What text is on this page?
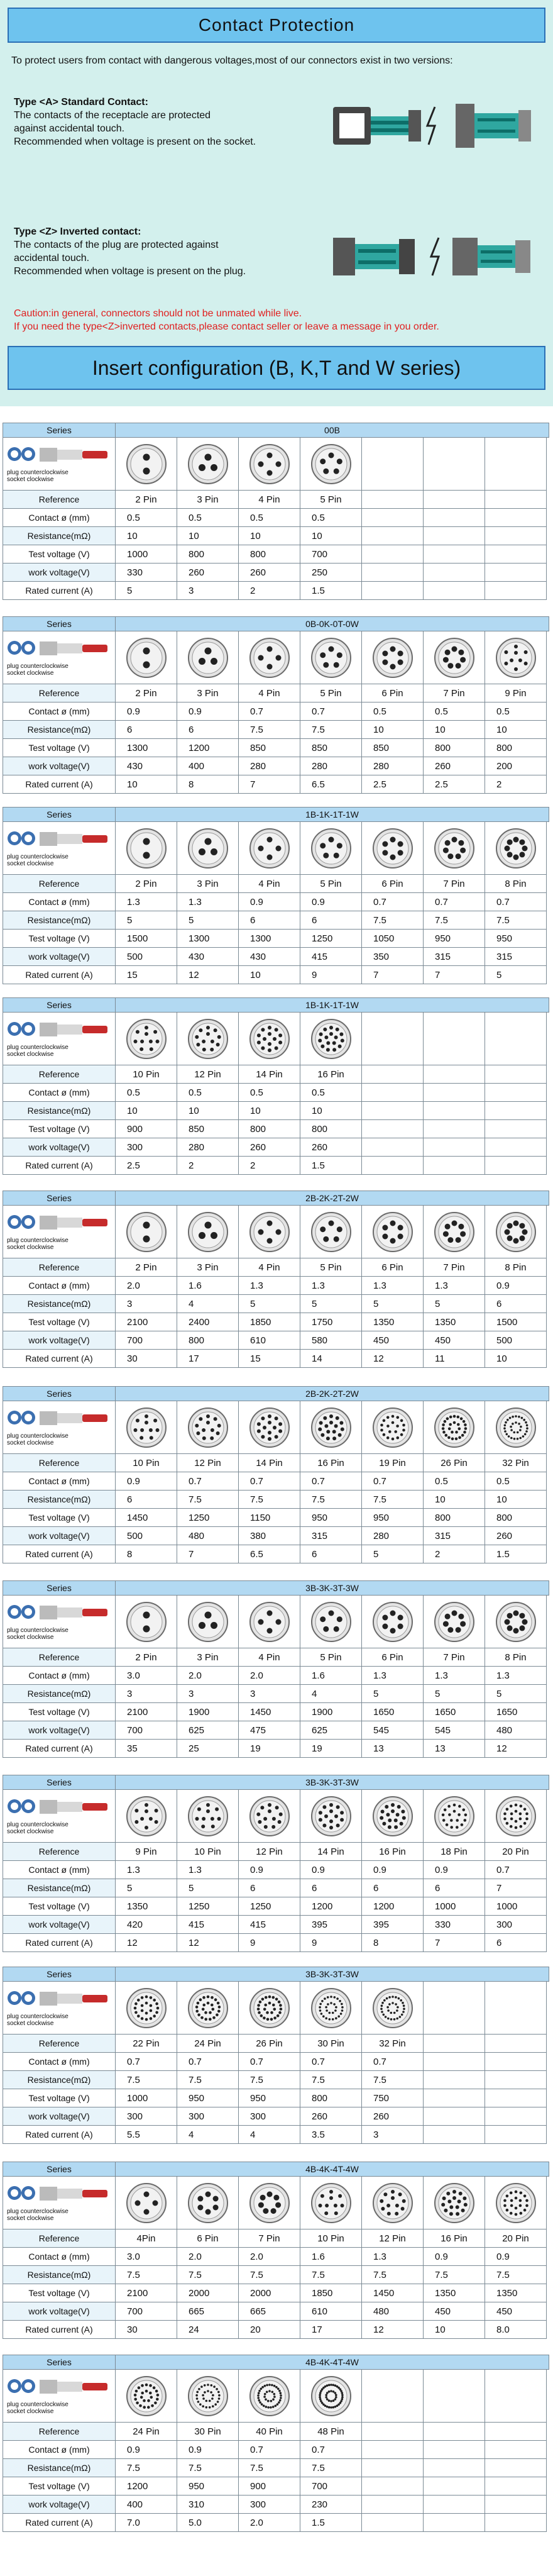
Contact Protection
To protect users from contact with dangerous voltages,most of our connectors exist in two versions:
Type <A> Standard Contact:
The contacts of the receptacle are protected
against accidental touch.
Recommended when voltage is present on the socket.
Type <Z> Inverted contact:
The contacts of the plug are protected against
accidental touch.
Recommended when voltage is present on the plug.
Caution:in general, connectors should not be unmated while live.
If you need the type<Z>inverted contacts,please contact seller or leave a message in you order.
Insert configuration (B, K,T and W series)
Series	00B
plug counterclockwise
socket clockwise
Reference	2 Pin	3 Pin	4 Pin	5 Pin
Contact ø (mm)	0.5	0.5	0.5	0.5
Resistance(mΩ)	10	10	10	10
Test voltage (V)	1000	800	800	700
work voltage(V)	330	260	260	250
Rated current (A)	5	3	2	1.5
Series	0B-0K-0T-0W
plug counterclockwise
socket clockwise
Reference	2 Pin	3 Pin	4 Pin	5 Pin	6 Pin	7 Pin	9 Pin
Contact ø (mm)	0.9	0.9	0.7	0.7	0.5	0.5	0.5
Resistance(mΩ)	6	6	7.5	7.5	10	10	10
Test voltage (V)	1300	1200	850	850	850	800	800
work voltage(V)	430	400	280	280	280	260	200
Rated current (A)	10	8	7	6.5	2.5	2.5	2
Series	1B-1K-1T-1W
plug counterclockwise
socket clockwise
Reference	2 Pin	3 Pin	4 Pin	5 Pin	6 Pin	7 Pin	8 Pin
Contact ø (mm)	1.3	1.3	0.9	0.9	0.7	0.7	0.7
Resistance(mΩ)	5	5	6	6	7.5	7.5	7.5
Test voltage (V)	1500	1300	1300	1250	1050	950	950
work voltage(V)	500	430	430	415	350	315	315
Rated current (A)	15	12	10	9	7	7	5
Series	1B-1K-1T-1W
plug counterclockwise
socket clockwise
Reference	10 Pin	12 Pin	14 Pin	16 Pin
Contact ø (mm)	0.5	0.5	0.5	0.5
Resistance(mΩ)	10	10	10	10
Test voltage (V)	900	850	800	800
work voltage(V)	300	280	260	260
Rated current (A)	2.5	2	2	1.5
Series	2B-2K-2T-2W
plug counterclockwise
socket clockwise
Reference	2 Pin	3 Pin	4 Pin	5 Pin	6 Pin	7 Pin	8 Pin
Contact ø (mm)	2.0	1.6	1.3	1.3	1.3	1.3	0.9
Resistance(mΩ)	3	4	5	5	5	5	6
Test voltage (V)	2100	2400	1850	1750	1350	1350	1500
work voltage(V)	700	800	610	580	450	450	500
Rated current (A)	30	17	15	14	12	11	10
Series	2B-2K-2T-2W
plug counterclockwise
socket clockwise
Reference	10 Pin	12 Pin	14 Pin	16 Pin	19 Pin	26 Pin	32 Pin
Contact ø (mm)	0.9	0.7	0.7	0.7	0.7	0.5	0.5
Resistance(mΩ)	6	7.5	7.5	7.5	7.5	10	10
Test voltage (V)	1450	1250	1150	950	950	800	800
work voltage(V)	500	480	380	315	280	315	260
Rated current (A)	8	7	6.5	6	5	2	1.5
Series	3B-3K-3T-3W
plug counterclockwise
socket clockwise
Reference	2 Pin	3 Pin	4 Pin	5 Pin	6 Pin	7 Pin	8 Pin
Contact ø (mm)	3.0	2.0	2.0	1.6	1.3	1.3	1.3
Resistance(mΩ)	3	3	3	4	5	5	5
Test voltage (V)	2100	1900	1450	1900	1650	1650	1650
work voltage(V)	700	625	475	625	545	545	480
Rated current (A)	35	25	19	19	13	13	12
Series	3B-3K-3T-3W
plug counterclockwise
socket clockwise
Reference	9 Pin	10 Pin	12 Pin	14 Pin	16 Pin	18 Pin	20 Pin
Contact ø (mm)	1.3	1.3	0.9	0.9	0.9	0.9	0.7
Resistance(mΩ)	5	5	6	6	6	6	7
Test voltage (V)	1350	1250	1250	1200	1200	1000	1000
work voltage(V)	420	415	415	395	395	330	300
Rated current (A)	12	12	9	9	8	7	6
Series	3B-3K-3T-3W
plug counterclockwise
socket clockwise
Reference	22 Pin	24 Pin	26 Pin	30 Pin	32 Pin
Contact ø (mm)	0.7	0.7	0.7	0.7	0.7
Resistance(mΩ)	7.5	7.5	7.5	7.5	7.5
Test voltage (V)	1000	950	950	800	750
work voltage(V)	300	300	300	260	260
Rated current (A)	5.5	4	4	3.5	3
Series	4B-4K-4T-4W
plug counterclockwise
socket clockwise
Reference	4Pin	6 Pin	7 Pin	10 Pin	12 Pin	16 Pin	20 Pin
Contact ø (mm)	3.0	2.0	2.0	1.6	1.3	0.9	0.9
Resistance(mΩ)	7.5	7.5	7.5	7.5	7.5	7.5	7.5
Test voltage (V)	2100	2000	2000	1850	1450	1350	1350
work voltage(V)	700	665	665	610	480	450	450
Rated current (A)	30	24	20	17	12	10	8.0
Series	4B-4K-4T-4W
plug counterclockwise
socket clockwise
Reference	24 Pin	30 Pin	40 Pin	48 Pin
Contact ø (mm)	0.9	0.9	0.7	0.7
Resistance(mΩ)	7.5	7.5	7.5	7.5
Test voltage (V)	1200	950	900	700
work voltage(V)	400	310	300	230
Rated current (A)	7.0	5.0	2.0	1.5
